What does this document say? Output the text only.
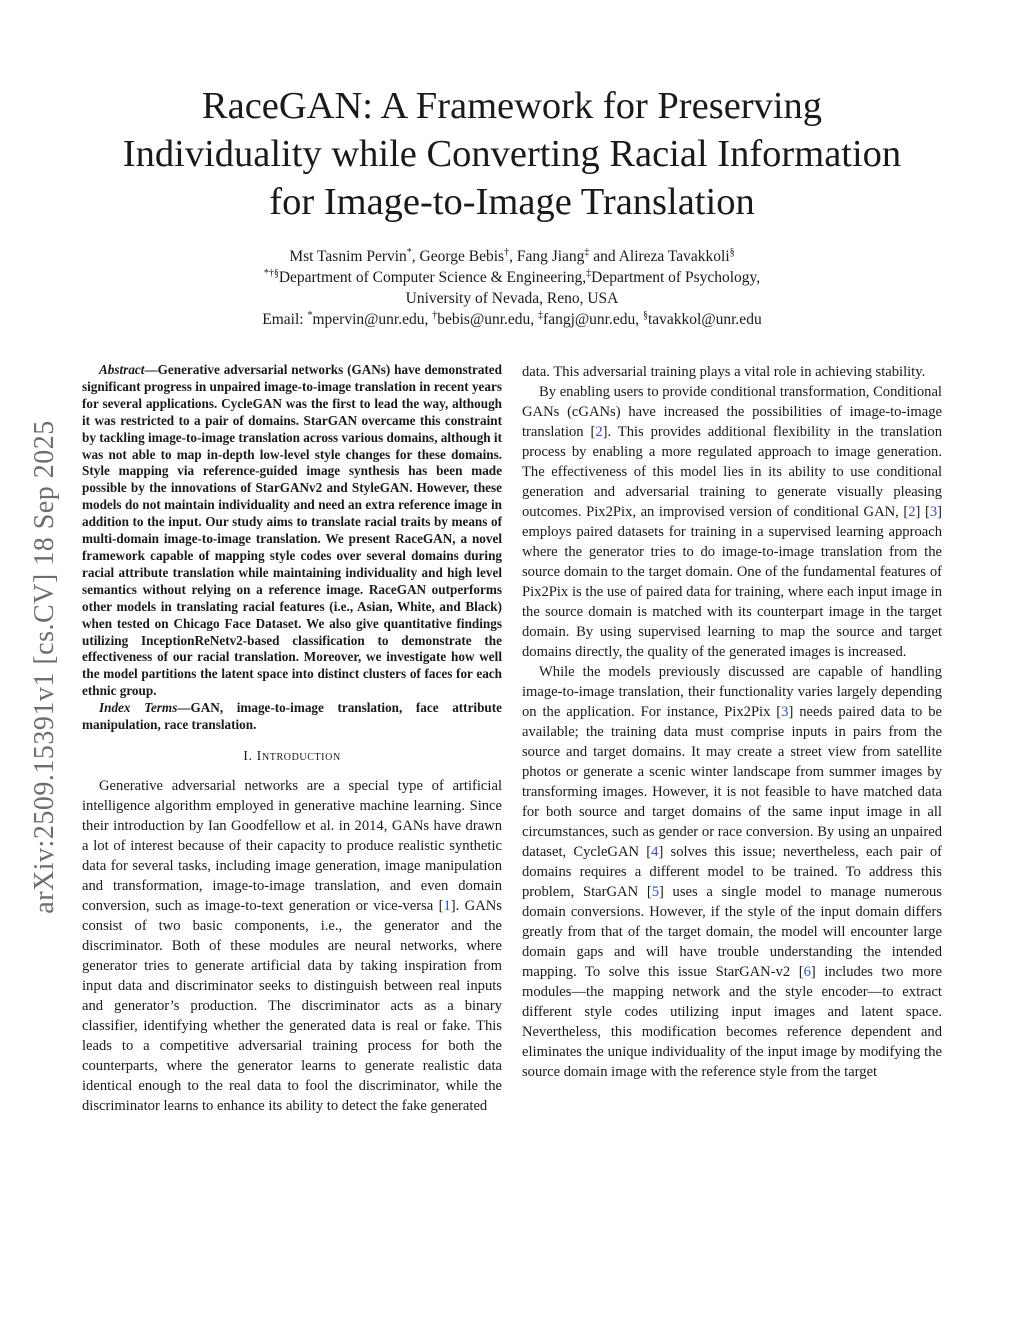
arXiv:2509.15391v1 [cs.CV] 18 Sep 2025
RaceGAN: A Framework for Preserving
Individuality while Converting Racial Information
for Image-to-Image Translation
Mst Tasnim Pervin*, George Bebis†, Fang Jiang‡ and Alireza Tavakkoli§
*†§Department of Computer Science & Engineering,‡Department of Psychology,
University of Nevada, Reno, USA
Email: *mpervin@unr.edu, †bebis@unr.edu, ‡fangj@unr.edu, §tavakkol@unr.edu

Abstract—Generative adversarial networks (GANs) have demonstrated significant progress in unpaired image-to-image translation in recent years for several applications. CycleGAN was the first to lead the way, although it was restricted to a pair of domains. StarGAN overcame this constraint by tackling image-to-image translation across various domains, although it was not able to map in-depth low-level style changes for these domains. Style mapping via reference-guided image synthesis has been made possible by the innovations of StarGANv2 and StyleGAN. However, these models do not maintain individuality and need an extra reference image in addition to the input. Our study aims to translate racial traits by means of multi-domain image-to-image translation. We present RaceGAN, a novel framework capable of mapping style codes over several domains during racial attribute translation while maintaining individuality and high level semantics without relying on a reference image. RaceGAN outperforms other models in translating racial features (i.e., Asian, White, and Black) when tested on Chicago Face Dataset. We also give quantitative findings utilizing InceptionReNetv2-based classification to demonstrate the effectiveness of our racial translation. Moreover, we investigate how well the model partitions the latent space into distinct clusters of faces for each ethnic group.

Index Terms—GAN, image-to-image translation, face attribute manipulation, race translation.

I. Introduction

Generative adversarial networks are a special type of artificial intelligence algorithm employed in generative machine learning. Since their introduction by Ian Goodfellow et al. in 2014, GANs have drawn a lot of interest because of their capacity to produce realistic synthetic data for several tasks, including image generation, image manipulation and transformation, image-to-image translation, and even domain conversion, such as image-to-text generation or vice-versa [1]. GANs consist of two basic components, i.e., the generator and the discriminator. Both of these modules are neural networks, where generator tries to generate artificial data by taking inspiration from input data and discriminator seeks to distinguish between real inputs and generator’s production. The discriminator acts as a binary classifier, identifying whether the generated data is real or fake. This leads to a competitive adversarial training process for both the counterparts, where the generator learns to generate realistic data identical enough to the real data to fool the discriminator, while the discriminator learns to enhance its ability to detect the fake generated

data. This adversarial training plays a vital role in achieving stability.

By enabling users to provide conditional transformation, Conditional GANs (cGANs) have increased the possibilities of image-to-image translation [2]. This provides additional flexibility in the translation process by enabling a more regulated approach to image generation. The effectiveness of this model lies in its ability to use conditional generation and adversarial training to generate visually pleasing outcomes. Pix2Pix, an improvised version of conditional GAN, [2] [3] employs paired datasets for training in a supervised learning approach where the generator tries to do image-to-image translation from the source domain to the target domain. One of the fundamental features of Pix2Pix is the use of paired data for training, where each input image in the source domain is matched with its counterpart image in the target domain. By using supervised learning to map the source and target domains directly, the quality of the generated images is increased.

While the models previously discussed are capable of handling image-to-image translation, their functionality varies largely depending on the application. For instance, Pix2Pix [3] needs paired data to be available; the training data must comprise inputs in pairs from the source and target domains. It may create a street view from satellite photos or generate a scenic winter landscape from summer images by transforming images. However, it is not feasible to have matched data for both source and target domains of the same input image in all circumstances, such as gender or race conversion. By using an unpaired dataset, CycleGAN [4] solves this issue; nevertheless, each pair of domains requires a different model to be trained. To address this problem, StarGAN [5] uses a single model to manage numerous domain conversions. However, if the style of the input domain differs greatly from that of the target domain, the model will encounter large domain gaps and will have trouble understanding the intended mapping. To solve this issue StarGAN-v2 [6] includes two more modules—the mapping network and the style encoder—to extract different style codes utilizing input images and latent space. Nevertheless, this modification becomes reference dependent and eliminates the unique individuality of the input image by modifying the source domain image with the reference style from the target
